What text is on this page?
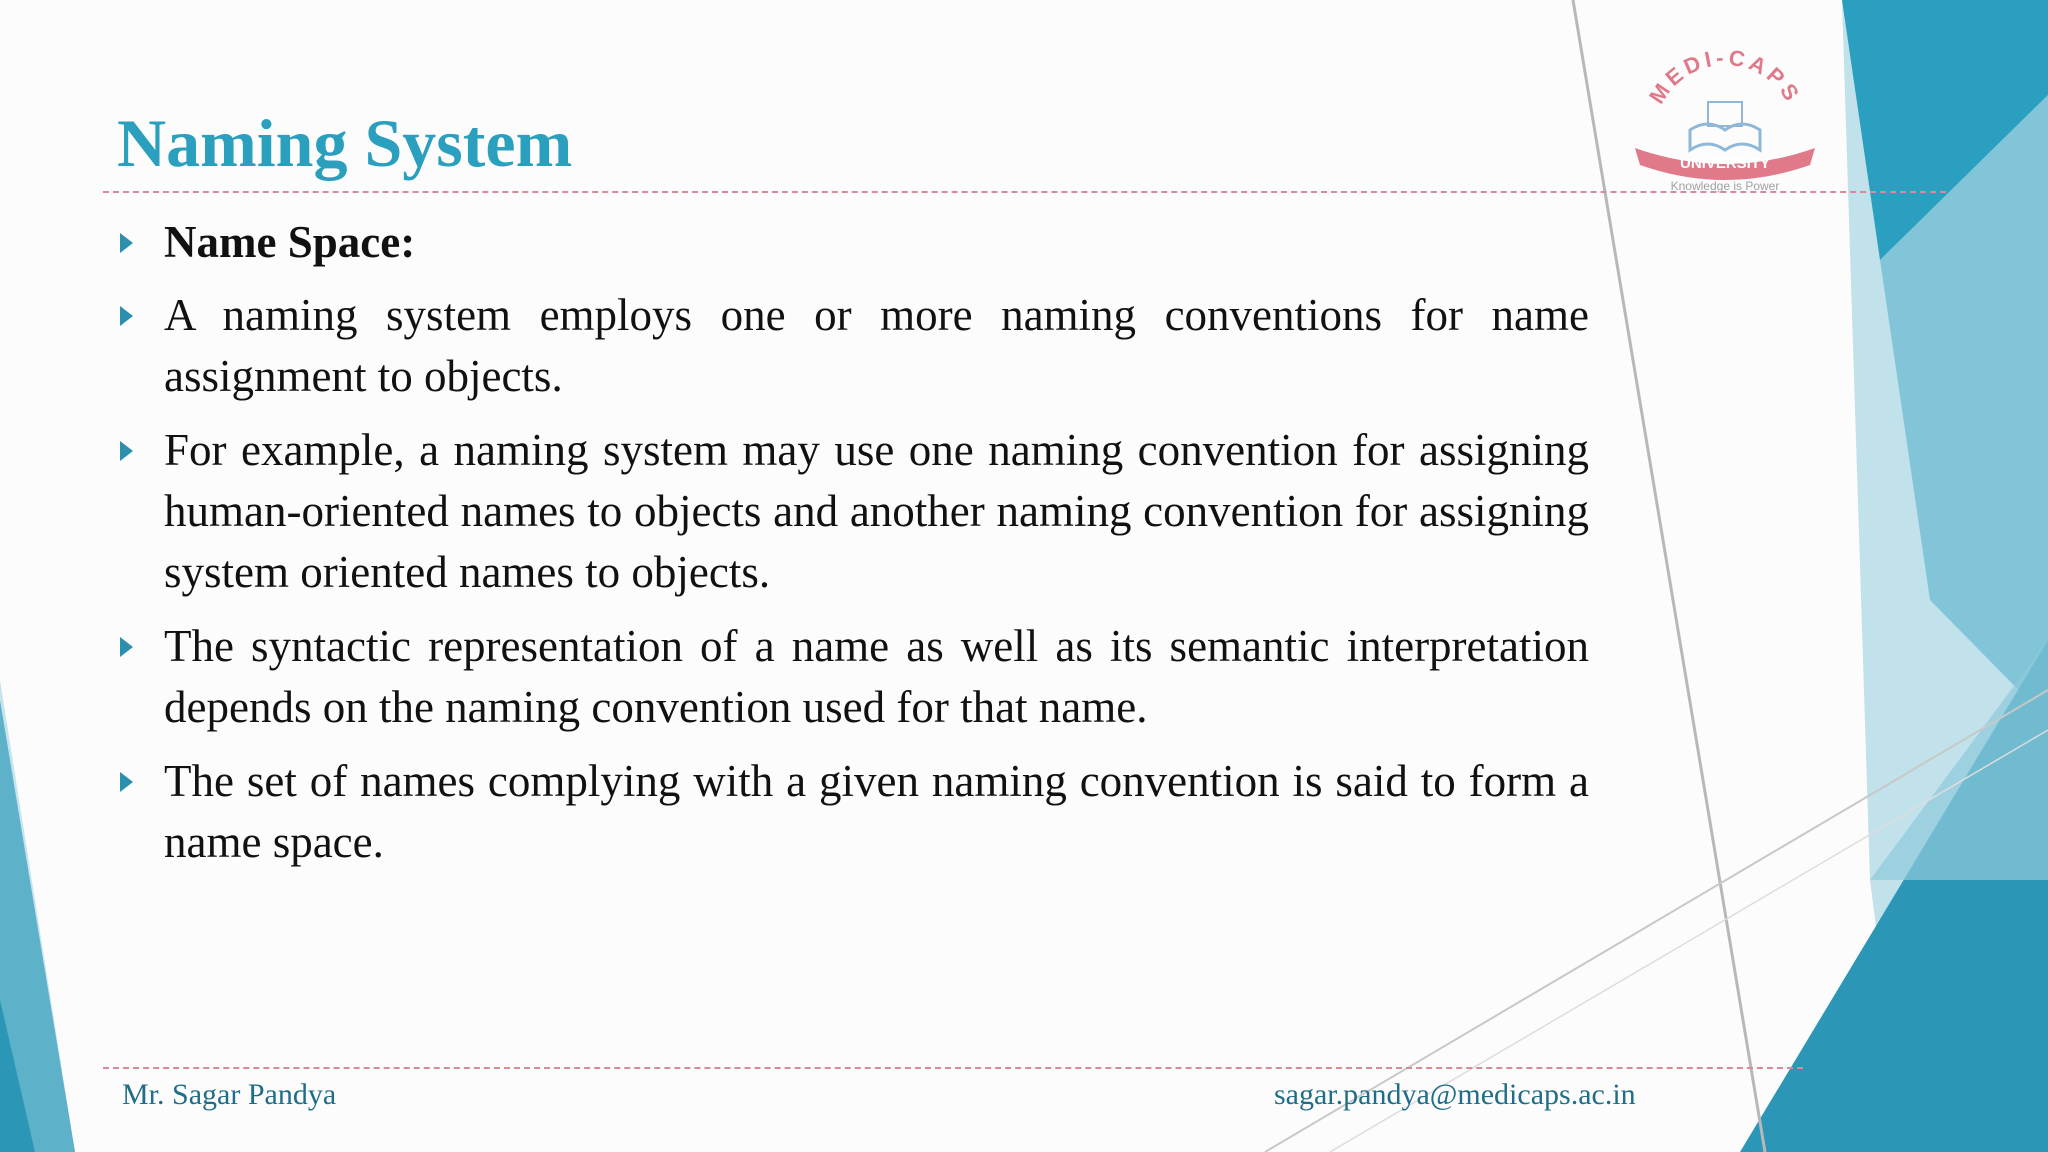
MEDI-CAPS
UNIVERSITY
Knowledge is Power
Naming System
Name Space:
A naming system employs one or more naming conventions for name assignment to objects.
For example, a naming system may use one naming convention for assigning human-oriented names to objects and another naming convention for assigning system oriented names to objects.
The syntactic representation of a name as well as its semantic interpretation depends on the naming convention used for that name.
The set of names complying with a given naming convention is said to form a name space.
Mr. Sagar Pandya	sagar.pandya@medicaps.ac.in
